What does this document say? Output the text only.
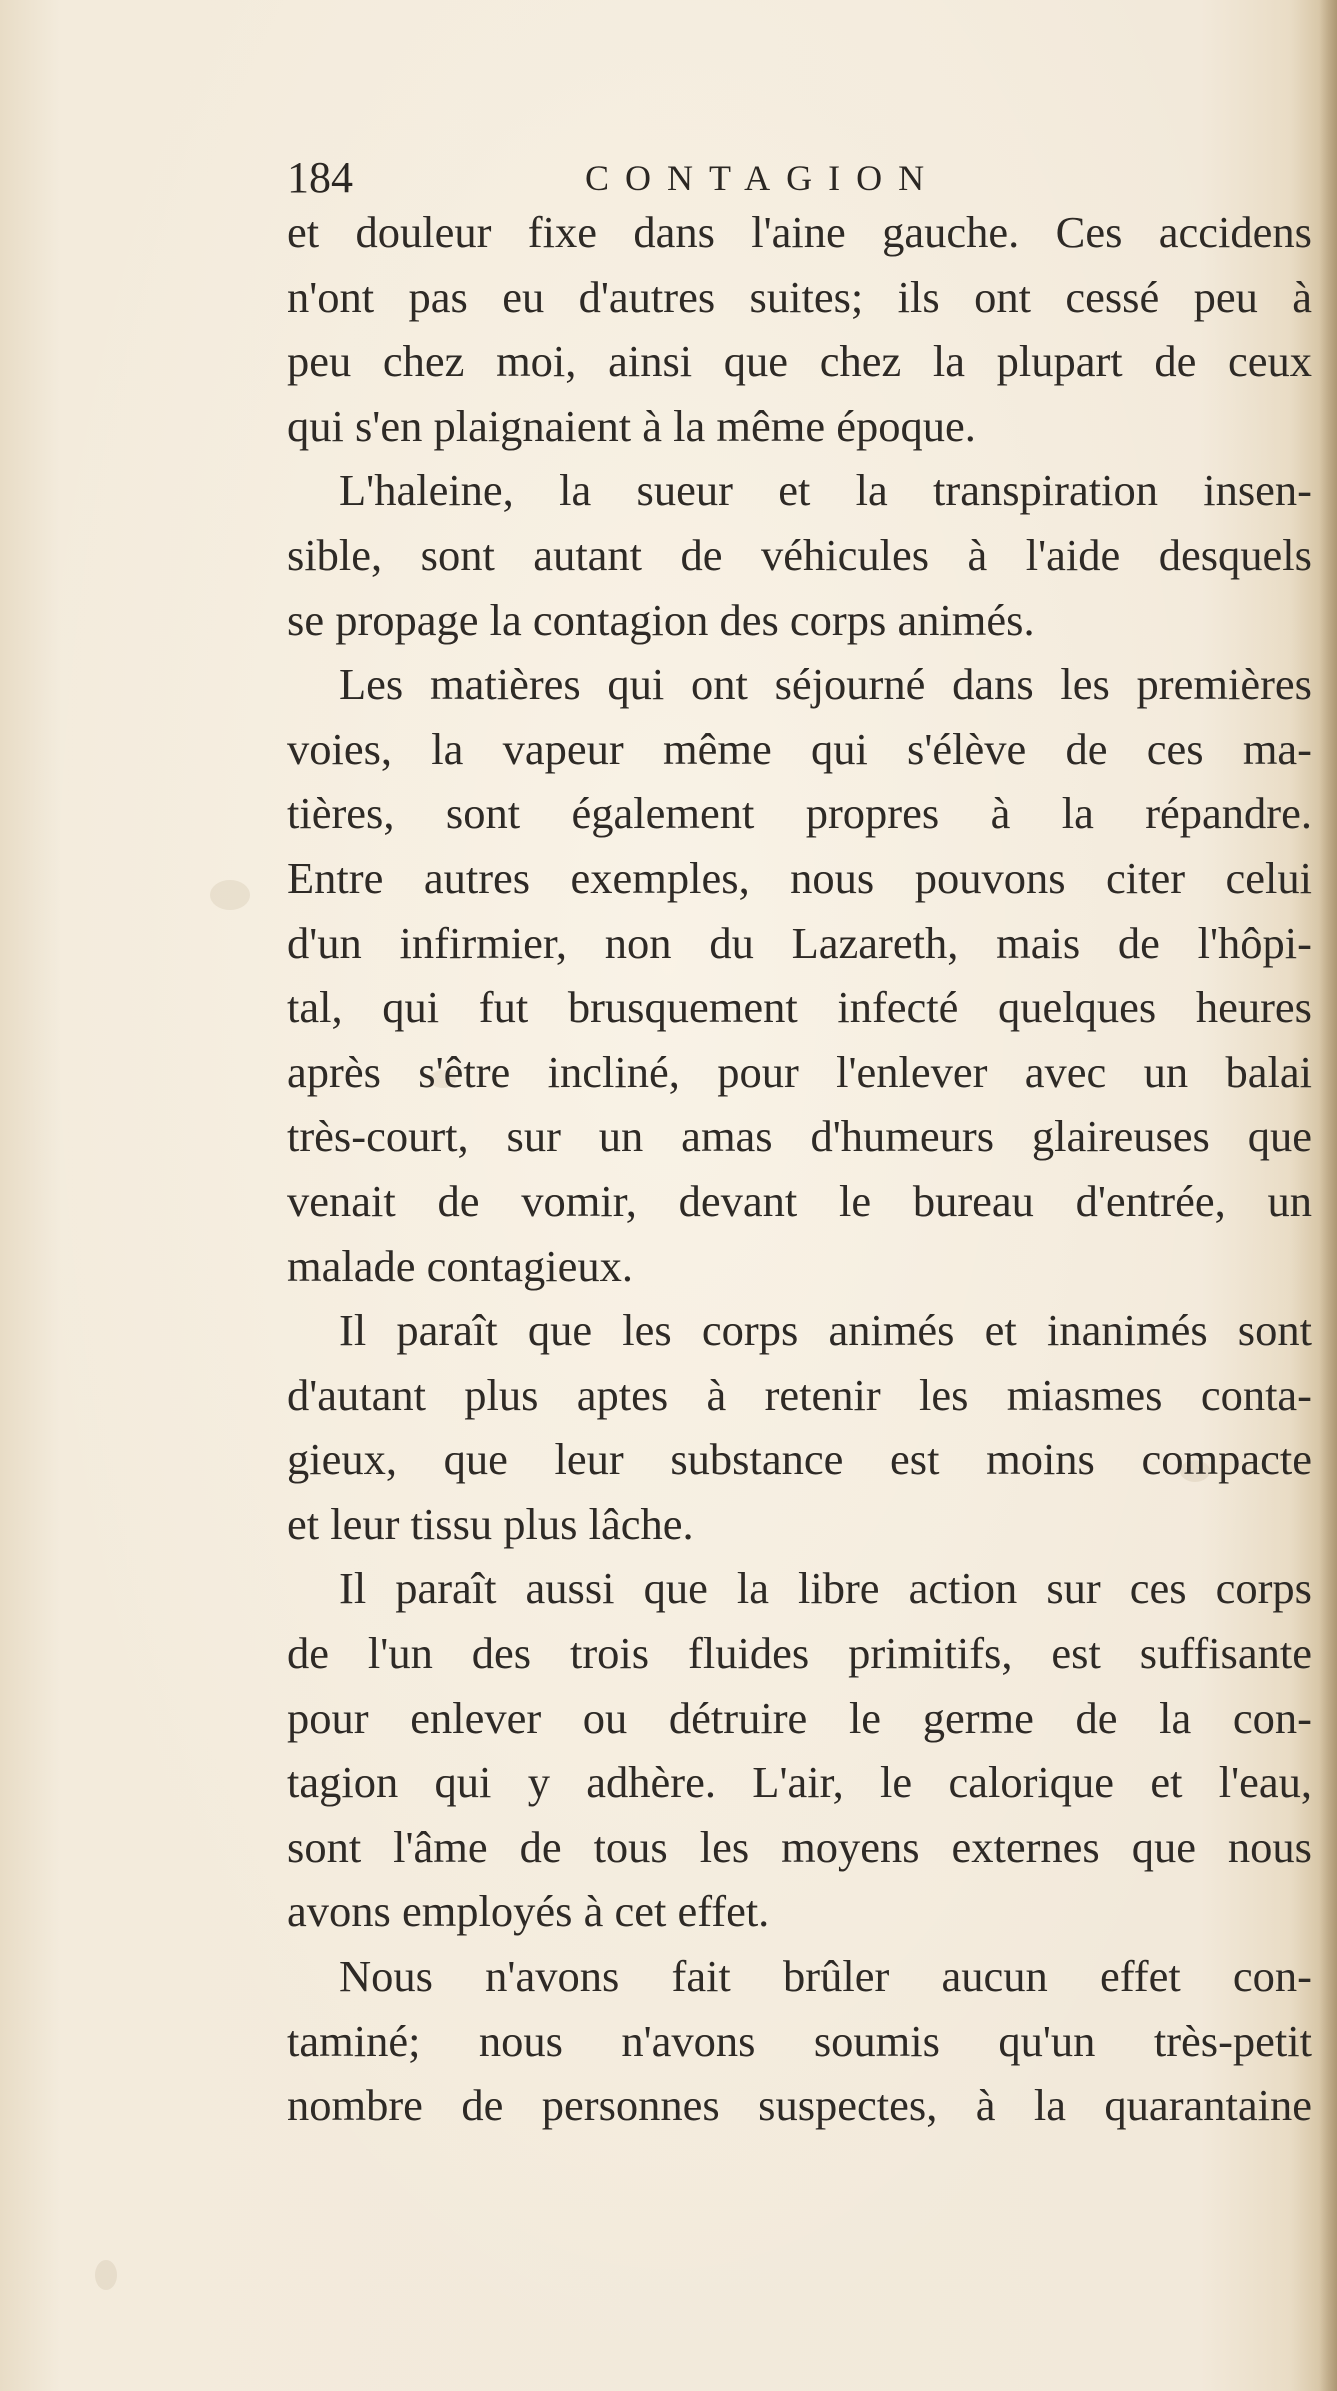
184	CONTAGION
et douleur fixe dans l'aine gauche. Ces accidens
n'ont pas eu d'autres suites; ils ont cessé peu à
peu chez moi, ainsi que chez la plupart de ceux
qui s'en plaignaient à la même époque.
L'haleine, la sueur et la transpiration insen-
sible, sont autant de véhicules à l'aide desquels
se propage la contagion des corps animés.
Les matières qui ont séjourné dans les premières
voies, la vapeur même qui s'élève de ces ma-
tières, sont également propres à la répandre.
Entre autres exemples, nous pouvons citer celui
d'un infirmier, non du Lazareth, mais de l'hôpi-
tal, qui fut brusquement infecté quelques heures
après s'être incliné, pour l'enlever avec un balai
très-court, sur un amas d'humeurs glaireuses que
venait de vomir, devant le bureau d'entrée, un
malade contagieux.
Il paraît que les corps animés et inanimés sont
d'autant plus aptes à retenir les miasmes conta-
gieux, que leur substance est moins compacte
et leur tissu plus lâche.
Il paraît aussi que la libre action sur ces corps
de l'un des trois fluides primitifs, est suffisante
pour enlever ou détruire le germe de la con-
tagion qui y adhère. L'air, le calorique et l'eau,
sont l'âme de tous les moyens externes que nous
avons employés à cet effet.
Nous n'avons fait brûler aucun effet con-
taminé; nous n'avons soumis qu'un très-petit
nombre de personnes suspectes, à la quarantaine
